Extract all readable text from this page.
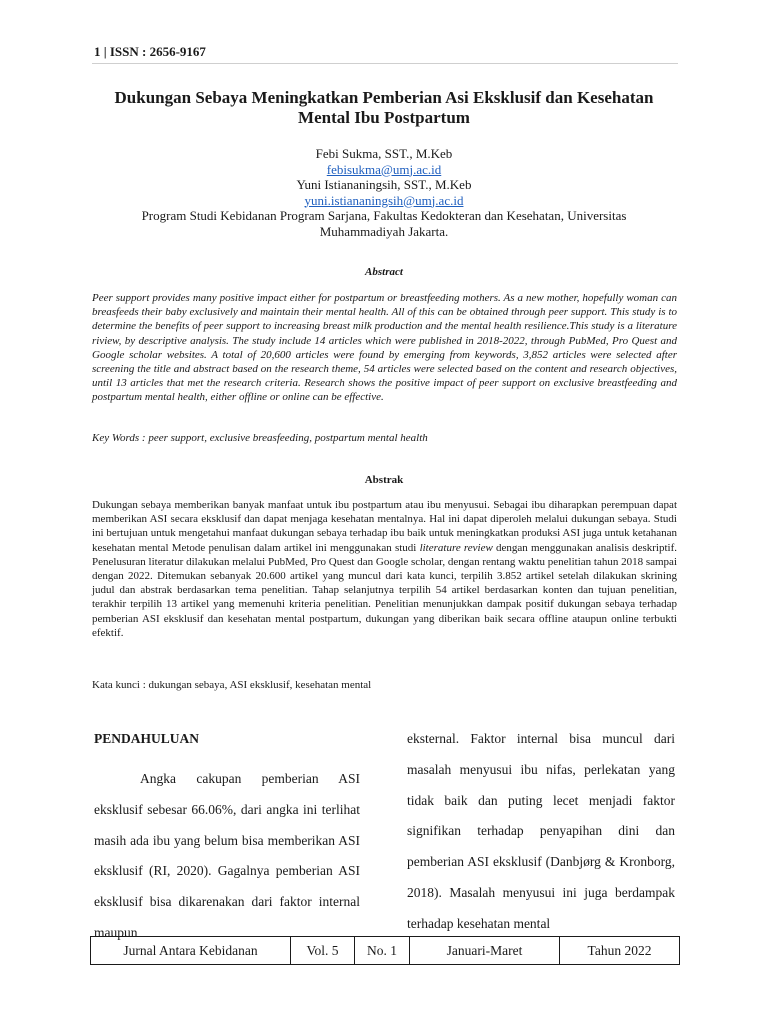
1 | ISSN : 2656-9167
Dukungan Sebaya Meningkatkan Pemberian Asi Eksklusif dan Kesehatan Mental Ibu Postpartum
Febi Sukma, SST., M.Keb
febisukma@umj.ac.id
Yuni Istiananingsih, SST., M.Keb
yuni.istiananingsih@umj.ac.id
Program Studi Kebidanan Program Sarjana, Fakultas Kedokteran dan Kesehatan, Universitas
Muhammadiyah Jakarta.
Abstract
Peer support provides many positive impact either for postpartum or breastfeeding mothers. As a new mother, hopefully woman can breasfeeds their baby exclusively and maintain their mental health. All of this can be obtained through peer support. This study is to determine the benefits of peer support to increasing breast milk production and the mental health resilience.This study is a literature riview, by descriptive analysis. The study include 14 articles which were published in 2018-2022, through PubMed, Pro Quest and Google scholar websites. A total of 20,600 articles were found by emerging from keywords, 3,852 articles were selected after screening the title and abstract based on the research theme, 54 articles were selected based on the content and research objectives, until 13 articles that met the research criteria. Research shows the positive impact of peer support on exclusive breastfeeding and postpartum mental health, either offline or online can be effective.
Key Words : peer support, exclusive breasfeeding, postpartum mental health
Abstrak
Dukungan sebaya memberikan banyak manfaat untuk ibu postpartum atau ibu menyusui. Sebagai ibu diharapkan perempuan dapat memberikan ASI secara eksklusif dan dapat menjaga kesehatan mentalnya. Hal ini dapat diperoleh melalui dukungan sebaya. Studi ini bertujuan untuk mengetahui manfaat dukungan sebaya terhadap ibu baik untuk meningkatkan produksi ASI juga untuk ketahanan kesehatan mental Metode penulisan dalam artikel ini menggunakan studi literature review dengan menggunakan analisis deskriptif. Penelusuran literatur dilakukan melalui PubMed, Pro Quest dan Google scholar, dengan rentang waktu penelitian tahun 2018 sampai dengan 2022. Ditemukan sebanyak 20.600 artikel yang muncul dari kata kunci, terpilih 3.852 artikel setelah dilakukan skrining judul dan abstrak berdasarkan tema penelitian. Tahap selanjutnya terpilih 54 artikel berdasarkan konten dan tujuan penelitian, terakhir terpilih 13 artikel yang memenuhi kriteria penelitian. Penelitian menunjukkan dampak positif dukungan sebaya terhadap pemberian ASI eksklusif dan kesehatan mental postpartum, dukungan yang diberikan baik secara offline ataupun online terbukti efektif.
Kata kunci : dukungan sebaya, ASI eksklusif, kesehatan mental
PENDAHULUAN
Angka cakupan pemberian ASI eksklusif sebesar 66.06%, dari angka ini terlihat masih ada ibu yang belum bisa memberikan ASI eksklusif (RI, 2020). Gagalnya pemberian ASI eksklusif bisa dikarenakan dari faktor internal maupun
eksternal. Faktor internal bisa muncul dari masalah menyusui ibu nifas, perlekatan yang tidak baik dan puting lecet menjadi faktor signifikan terhadap penyapihan dini dan pemberian ASI eksklusif (Danbjørg & Kronborg, 2018). Masalah menyusui ini juga berdampak terhadap kesehatan mental
Jurnal Antara Kebidanan	Vol. 5	No. 1	Januari-Maret	Tahun 2022
